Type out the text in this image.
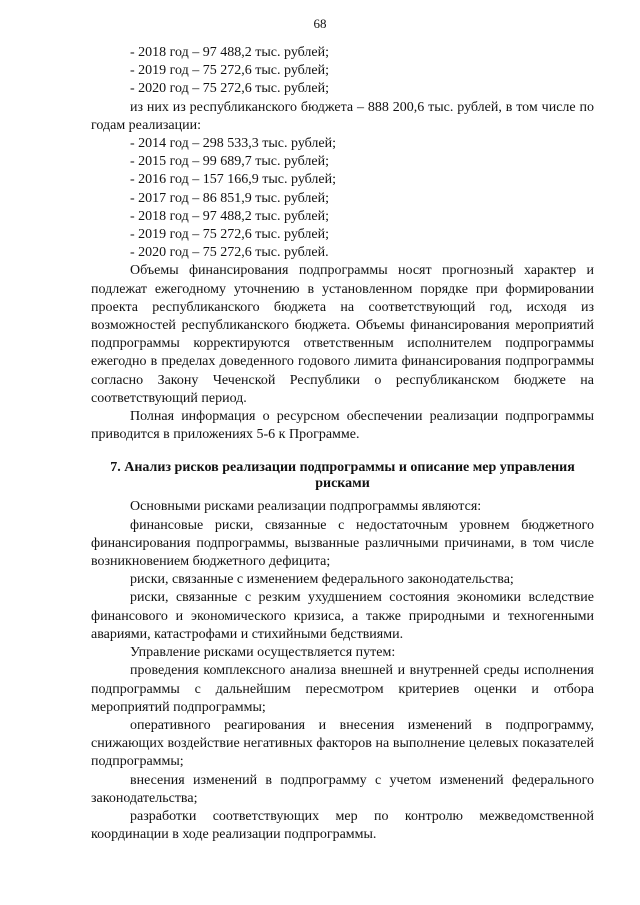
68
- 2018 год – 97 488,2 тыс. рублей;
- 2019 год – 75 272,6 тыс. рублей;
- 2020 год – 75 272,6 тыс. рублей;
из них из республиканского бюджета – 888 200,6 тыс. рублей, в том числе по годам реализации:
- 2014 год – 298 533,3 тыс. рублей;
- 2015 год – 99 689,7 тыс. рублей;
- 2016 год – 157 166,9 тыс. рублей;
- 2017 год – 86 851,9 тыс. рублей;
- 2018 год – 97 488,2 тыс. рублей;
- 2019 год – 75 272,6 тыс. рублей;
- 2020 год – 75 272,6 тыс. рублей.
Объемы финансирования подпрограммы носят прогнозный характер и подлежат ежегодному уточнению в установленном порядке при формировании проекта республиканского бюджета на соответствующий год, исходя из возможностей республиканского бюджета. Объемы финансирования мероприятий подпрограммы корректируются ответственным исполнителем подпрограммы ежегодно в пределах доведенного годового лимита финансирования подпрограммы согласно Закону Чеченской Республики о республиканском бюджете на соответствующий период.
Полная информация о ресурсном обеспечении реализации подпрограммы приводится в приложениях 5-6 к Программе.
7. Анализ рисков реализации подпрограммы и описание мер управления рисками
Основными рисками реализации подпрограммы являются:
финансовые риски, связанные с недостаточным уровнем бюджетного финансирования подпрограммы, вызванные различными причинами, в том числе возникновением бюджетного дефицита;
риски, связанные с изменением федерального законодательства;
риски, связанные с резким ухудшением состояния экономики вследствие финансового и экономического кризиса, а также природными и техногенными авариями, катастрофами и стихийными бедствиями.
Управление рисками осуществляется путем:
проведения комплексного анализа внешней и внутренней среды исполнения подпрограммы с дальнейшим пересмотром критериев оценки и отбора мероприятий подпрограммы;
оперативного реагирования и внесения изменений в подпрограмму, снижающих воздействие негативных факторов на выполнение целевых показателей подпрограммы;
внесения изменений в подпрограмму с учетом изменений федерального законодательства;
разработки соответствующих мер по контролю межведомственной координации в ходе реализации подпрограммы.
